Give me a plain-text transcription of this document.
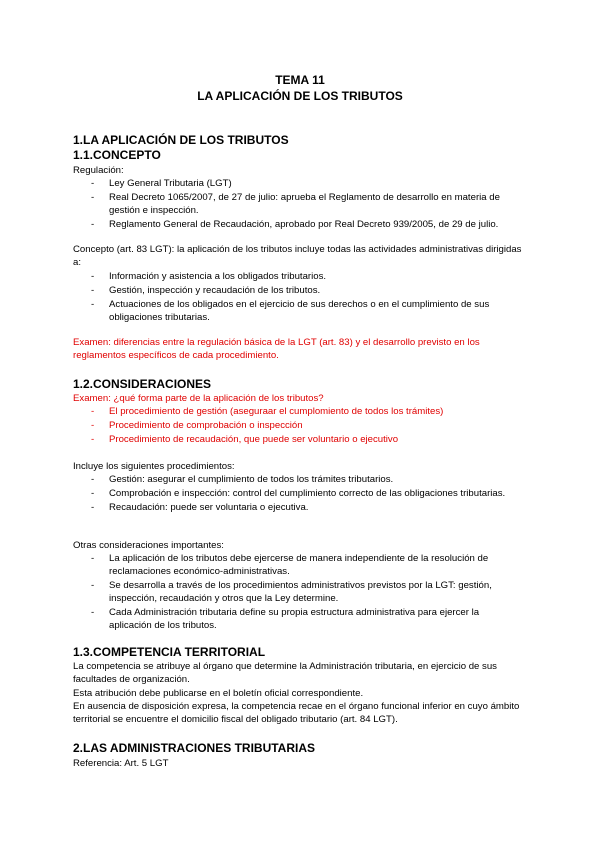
TEMA 11
LA APLICACIÓN DE LOS TRIBUTOS
1.LA APLICACIÓN DE LOS TRIBUTOS
1.1.CONCEPTO
Regulación:
- Ley General Tributaria (LGT)
- Real Decreto 1065/2007, de 27 de julio: aprueba el Reglamento de desarrollo en materia de gestión e inspección.
- Reglamento General de Recaudación, aprobado por Real Decreto 939/2005, de 29 de julio.
Concepto (art. 83 LGT): la aplicación de los tributos incluye todas las actividades administrativas dirigidas a:
- Información y asistencia a los obligados tributarios.
- Gestión, inspección y recaudación de los tributos.
- Actuaciones de los obligados en el ejercicio de sus derechos o en el cumplimiento de sus obligaciones tributarias.
Examen: diferencias entre la regulación básica de la LGT (art. 83) y el desarrollo previsto en los reglamentos específicos de cada procedimiento.
1.2.CONSIDERACIONES
Examen: ¿qué forma parte de la aplicación de los tributos?
- El procedimiento de gestión (aseguraar el cumplomiento de todos los trámites)
- Procedimiento de comprobación o inspección
- Procedimiento de recaudación, que puede ser voluntario o ejecutivo
Incluye los siguientes procedimientos:
- Gestión: asegurar el cumplimiento de todos los trámites tributarios.
- Comprobación e inspección: control del cumplimiento correcto de las obligaciones tributarias.
- Recaudación: puede ser voluntaria o ejecutiva.
Otras consideraciones importantes:
- La aplicación de los tributos debe ejercerse de manera independiente de la resolución de reclamaciones económico-administrativas.
- Se desarrolla a través de los procedimientos administrativos previstos por la LGT: gestión, inspección, recaudación y otros que la Ley determine.
- Cada Administración tributaria define su propia estructura administrativa para ejercer la aplicación de los tributos.
1.3.COMPETENCIA TERRITORIAL
La competencia se atribuye al órgano que determine la Administración tributaria, en ejercicio de sus facultades de organización.
Esta atribución debe publicarse en el boletín oficial correspondiente.
En ausencia de disposición expresa, la competencia recae en el órgano funcional inferior en cuyo ámbito territorial se encuentre el domicilio fiscal del obligado tributario (art. 84 LGT).
2.LAS ADMINISTRACIONES TRIBUTARIAS
Referencia: Art. 5 LGT
